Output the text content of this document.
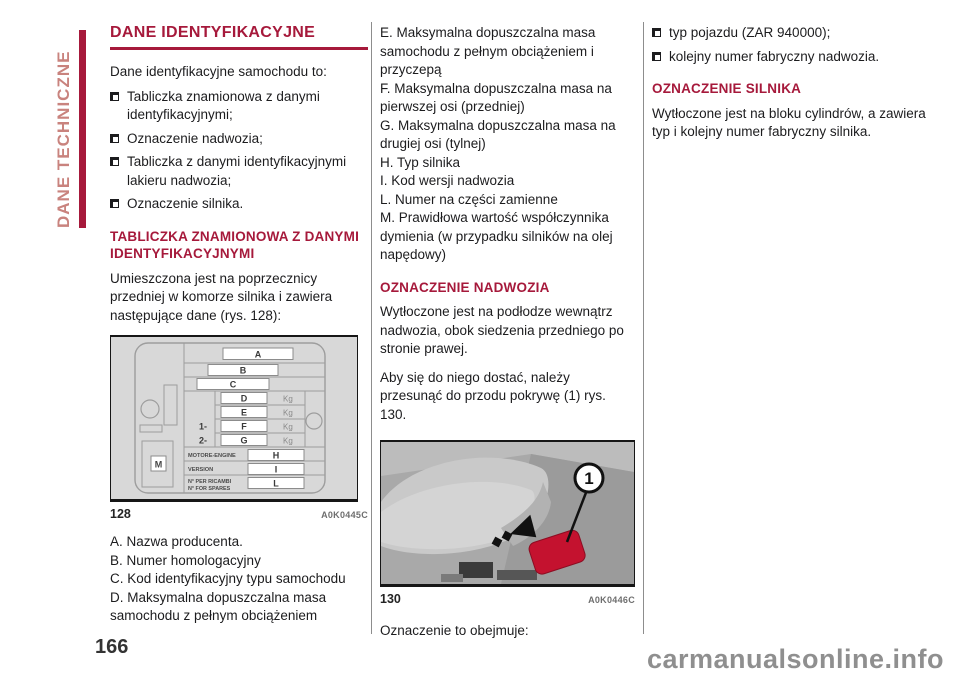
DANE TECHNICZNE
DANE IDENTYFIKACYJNE

Dane identyfikacyjne samochodu to:

Tabliczka znamionowa z danymi identyfikacyjnymi;
Oznaczenie nadwozia;
Tabliczka z danymi identyfikacyjnymi lakieru nadwozia;
Oznaczenie silnika.
TABLICZKA ZNAMIONOWA Z DANYMI IDENTYFIKACYJNYMI

Umieszczona jest na poprzecznicy przedniej w komorze silnika i zawiera następujące dane (rys. 128):

M
A
B
C
D	Kg
E	Kg
1-	F	Kg
2-	G	Kg
MOTORE-ENGINE	H
VERSION	I
N° PER RICAMBI
N° FOR SPARES
L
128	A0K0445C

A. Nazwa producenta.

B. Numer homologacyjny

C. Kod identyfikacyjny typu samochodu

D. Maksymalna dopuszczalna masa samochodu z pełnym obciążeniem

E. Maksymalna dopuszczalna masa samochodu z pełnym obciążeniem i przyczepą

F. Maksymalna dopuszczalna masa na pierwszej osi (przedniej)

G. Maksymalna dopuszczalna masa na drugiej osi (tylnej)

H. Typ silnika

I. Kod wersji nadwozia

L. Numer na części zamienne

M. Prawidłowa wartość współczynnika dymienia (w przypadku silników na olej napędowy)

OZNACZENIE NADWOZIA

Wytłoczone jest na podłodze wewnątrz nadwozia, obok siedzenia przedniego po stronie prawej.

Aby się do niego dostać, należy przesunąć do przodu pokrywę (1) rys. 130.

1
130	A0K0446C

Oznaczenie to obejmuje:

typ pojazdu (ZAR 940000);
kolejny numer fabryczny nadwozia.
OZNACZENIE SILNIKA

Wytłoczone jest na bloku cylindrów, a zawiera typ i kolejny numer fabryczny silnika.

166	carmanualsonline.info
